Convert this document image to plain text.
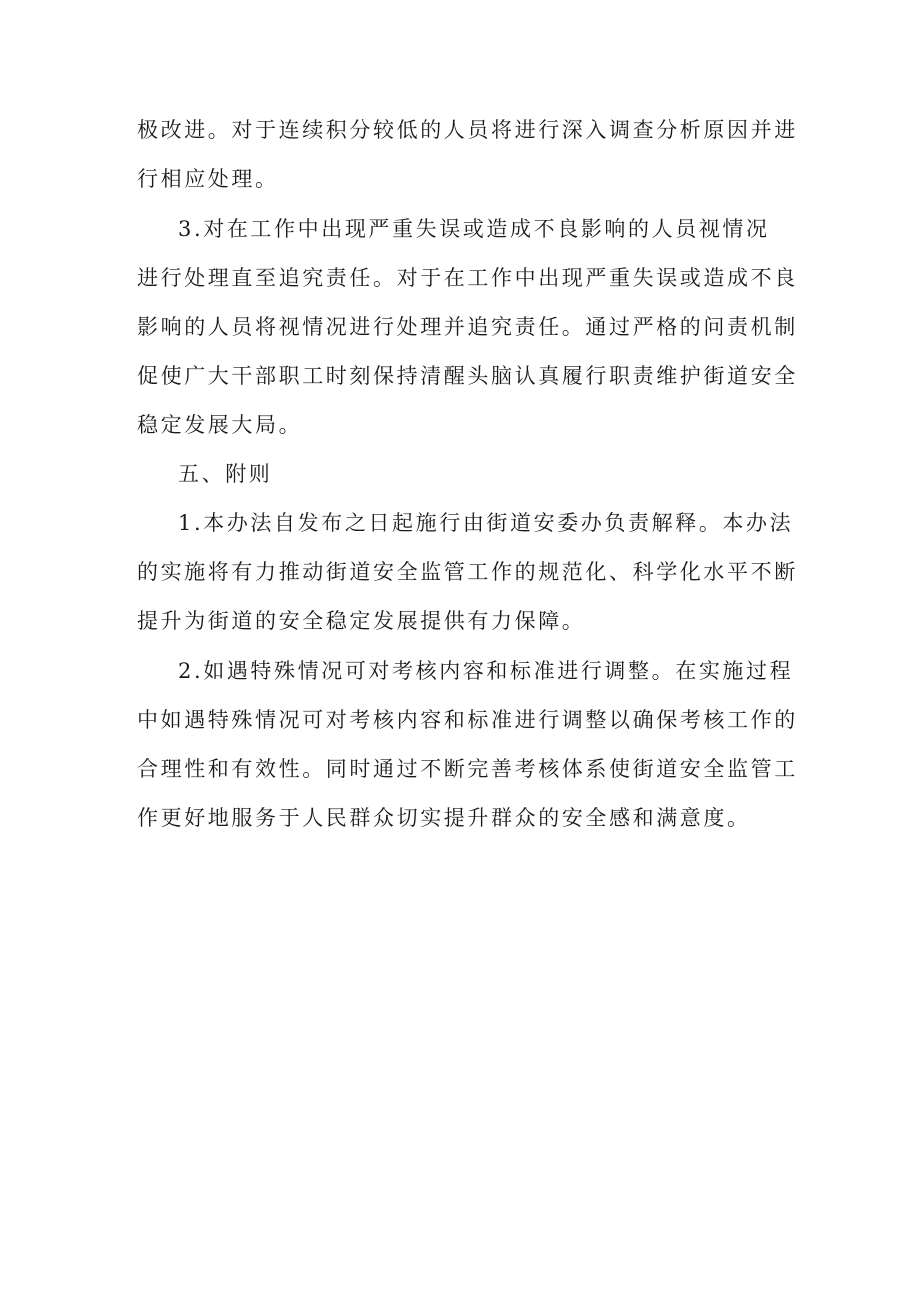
极改进。对于连续积分较低的人员将进行深入调查分析原因并进
行相应处理。
3.对在工作中出现严重失误或造成不良影响的人员视情况
进行处理直至追究责任。对于在工作中出现严重失误或造成不良
影响的人员将视情况进行处理并追究责任。通过严格的问责机制
促使广大干部职工时刻保持清醒头脑认真履行职责维护街道安全
稳定发展大局。
五、附则
1.本办法自发布之日起施行由街道安委办负责解释。本办法
的实施将有力推动街道安全监管工作的规范化、科学化水平不断
提升为街道的安全稳定发展提供有力保障。
2.如遇特殊情况可对考核内容和标准进行调整。在实施过程
中如遇特殊情况可对考核内容和标准进行调整以确保考核工作的
合理性和有效性。同时通过不断完善考核体系使街道安全监管工
作更好地服务于人民群众切实提升群众的安全感和满意度。
